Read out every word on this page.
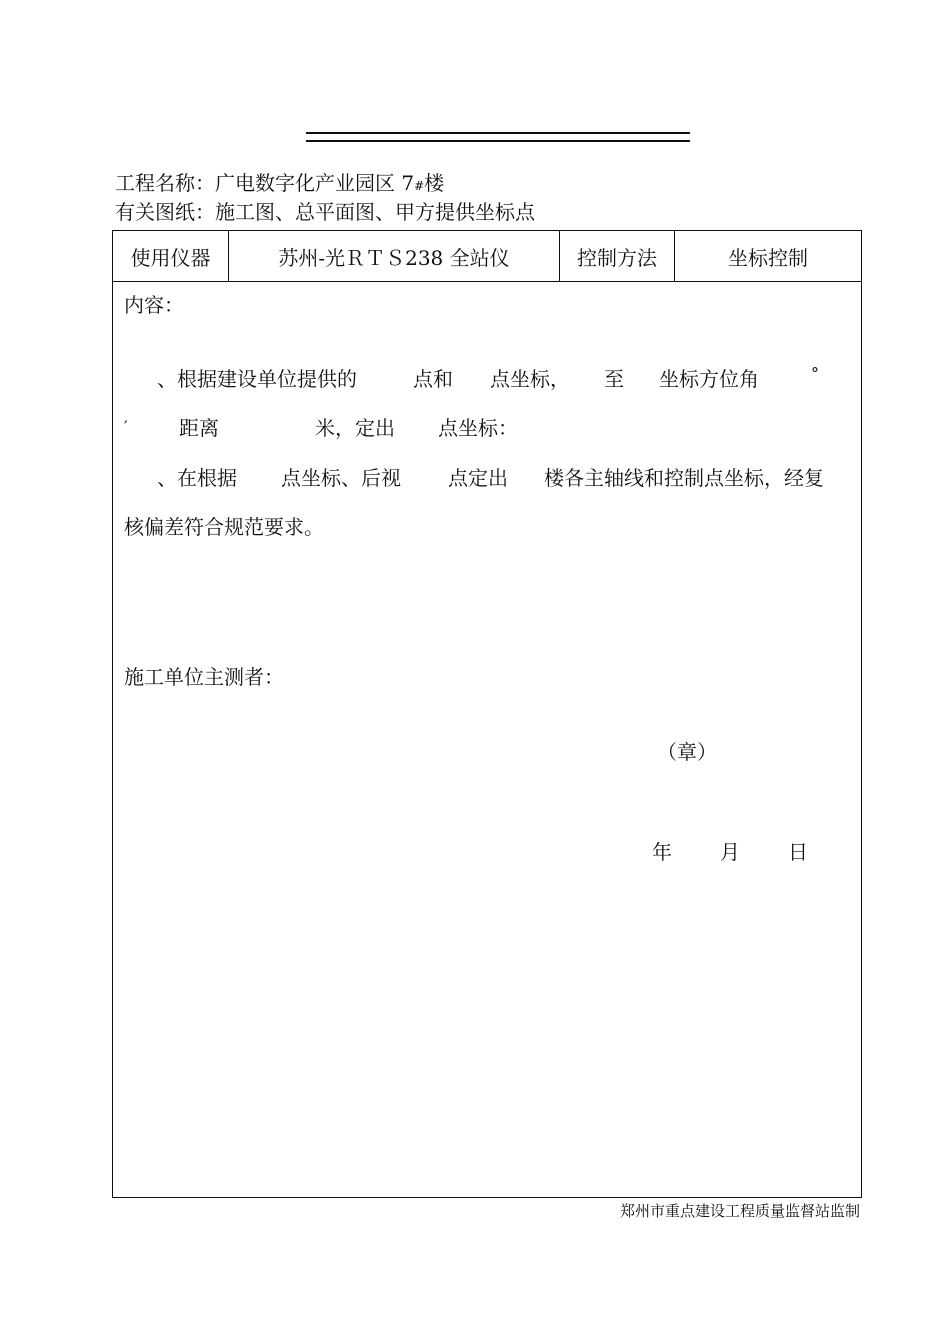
工程名称：广电数字化产业园区 7#楼
有关图纸：施工图、总平面图、甲方提供坐标点
使用仪器	苏州-光ＲＴＳ238 全站仪	控制方法	坐标控制
内容：
、根据建设单位提供的	点和 点坐标， 至 坐标方位角	°
′	距离	米，定出 点坐标：
、在根据 点坐标、后视 点定出 楼各主轴线和控制点坐标，经复
核偏差符合规范要求。
施工单位主测者：
（章）
年 月 日
郑州市重点建设工程质量监督站监制
